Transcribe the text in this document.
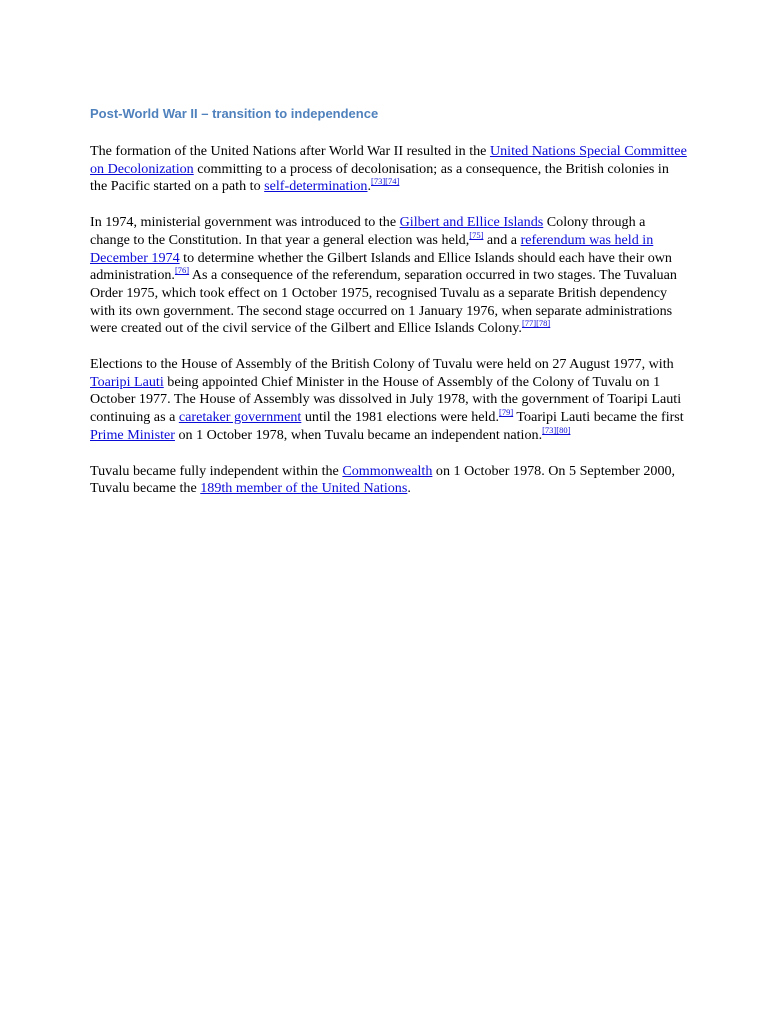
Post-World War II – transition to independence

The formation of the United Nations after World War II resulted in the United Nations Special Committee on Decolonization committing to a process of decolonisation; as a consequence, the British colonies in the Pacific started on a path to self-determination.[73][74]

In 1974, ministerial government was introduced to the Gilbert and Ellice Islands Colony through a change to the Constitution. In that year a general election was held,[75] and a referendum was held in December 1974 to determine whether the Gilbert Islands and Ellice Islands should each have their own administration.[76] As a consequence of the referendum, separation occurred in two stages. The Tuvaluan Order 1975, which took effect on 1 October 1975, recognised Tuvalu as a separate British dependency with its own government. The second stage occurred on 1 January 1976, when separate administrations were created out of the civil service of the Gilbert and Ellice Islands Colony.[77][78]

Elections to the House of Assembly of the British Colony of Tuvalu were held on 27 August 1977, with Toaripi Lauti being appointed Chief Minister in the House of Assembly of the Colony of Tuvalu on 1 October 1977. The House of Assembly was dissolved in July 1978, with the government of Toaripi Lauti continuing as a caretaker government until the 1981 elections were held.[79] Toaripi Lauti became the first Prime Minister on 1 October 1978, when Tuvalu became an independent nation.[73][80]

Tuvalu became fully independent within the Commonwealth on 1 October 1978. On 5 September 2000, Tuvalu became the 189th member of the United Nations.
